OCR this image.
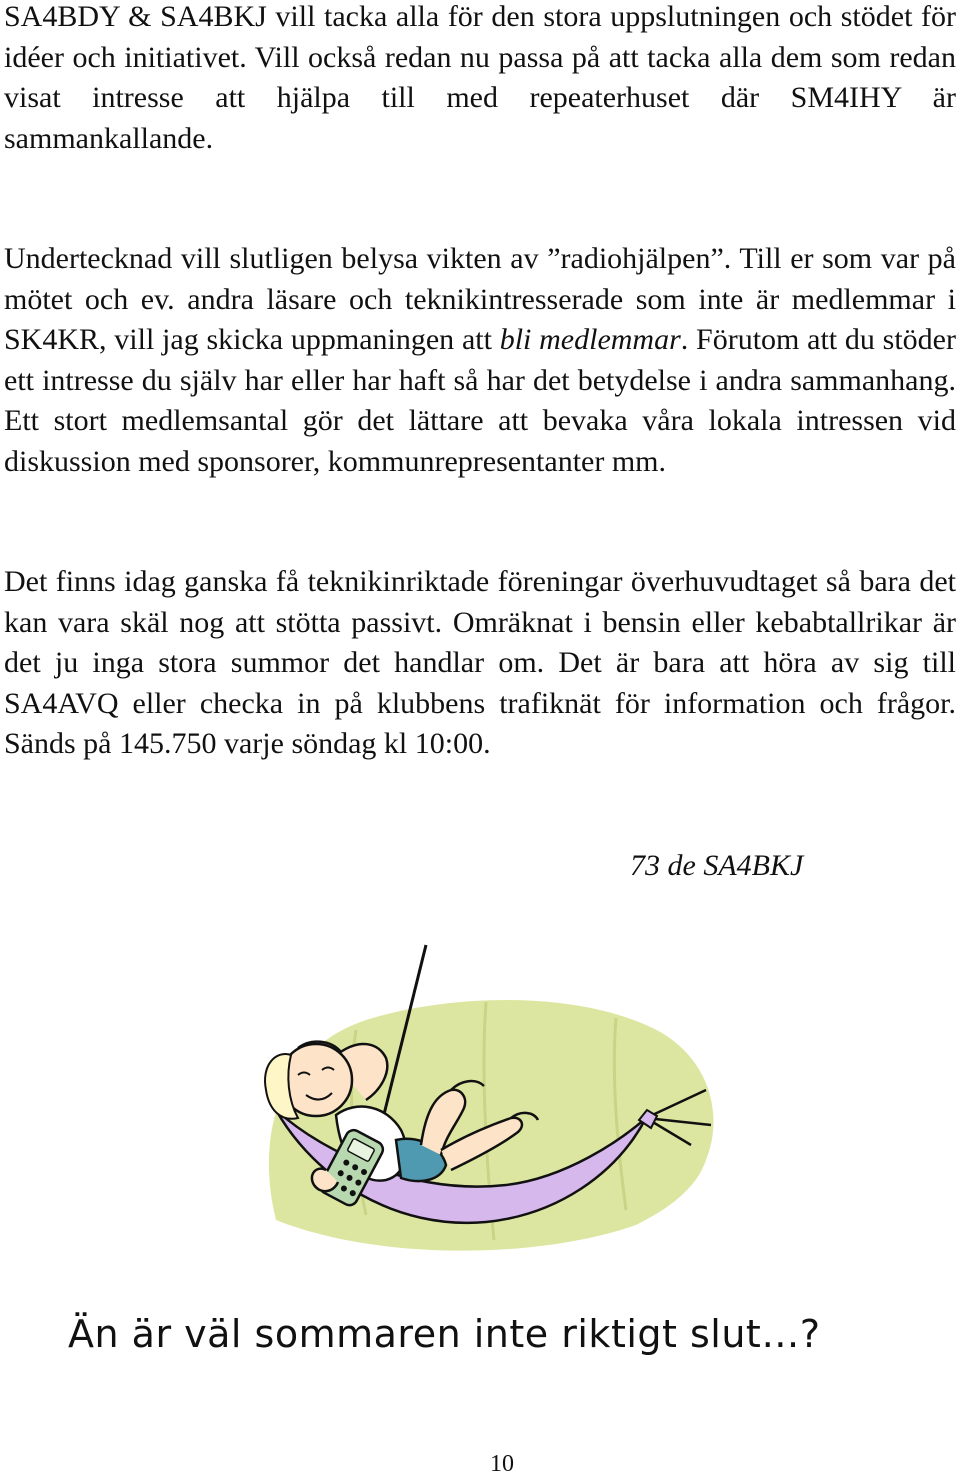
SA4BDY & SA4BKJ vill tacka alla för den stora uppslutningen och stödet för idéer och initiativet. Vill också redan nu passa på att tacka alla dem som redan visat intresse att hjälpa till med repeaterhuset där SM4IHY är sammankallande.

Undertecknad vill slutligen belysa vikten av ”radiohjälpen”. Till er som var på mötet och ev. andra läsare och teknikintresserade som inte är medlemmar i SK4KR, vill jag skicka uppmaningen att bli medlemmar. Förutom att du stöder ett intresse du själv har eller har haft så har det betydelse i andra sammanhang. Ett stort medlemsantal gör det lättare att bevaka våra lokala intressen vid diskussion med sponsorer, kommunrepresentanter mm.

Det finns idag ganska få teknikinriktade föreningar överhuvudtaget så bara det kan vara skäl nog att stötta passivt. Omräknat i bensin eller kebabtallrikar är det ju inga stora summor det handlar om. Det är bara att höra av sig till SA4AVQ eller checka in på klubbens trafiknät för information och frågor. Sänds på 145.750 varje söndag kl 10:00.

73 de SA4BKJ

Än är väl sommaren inte riktigt slut…?

10
